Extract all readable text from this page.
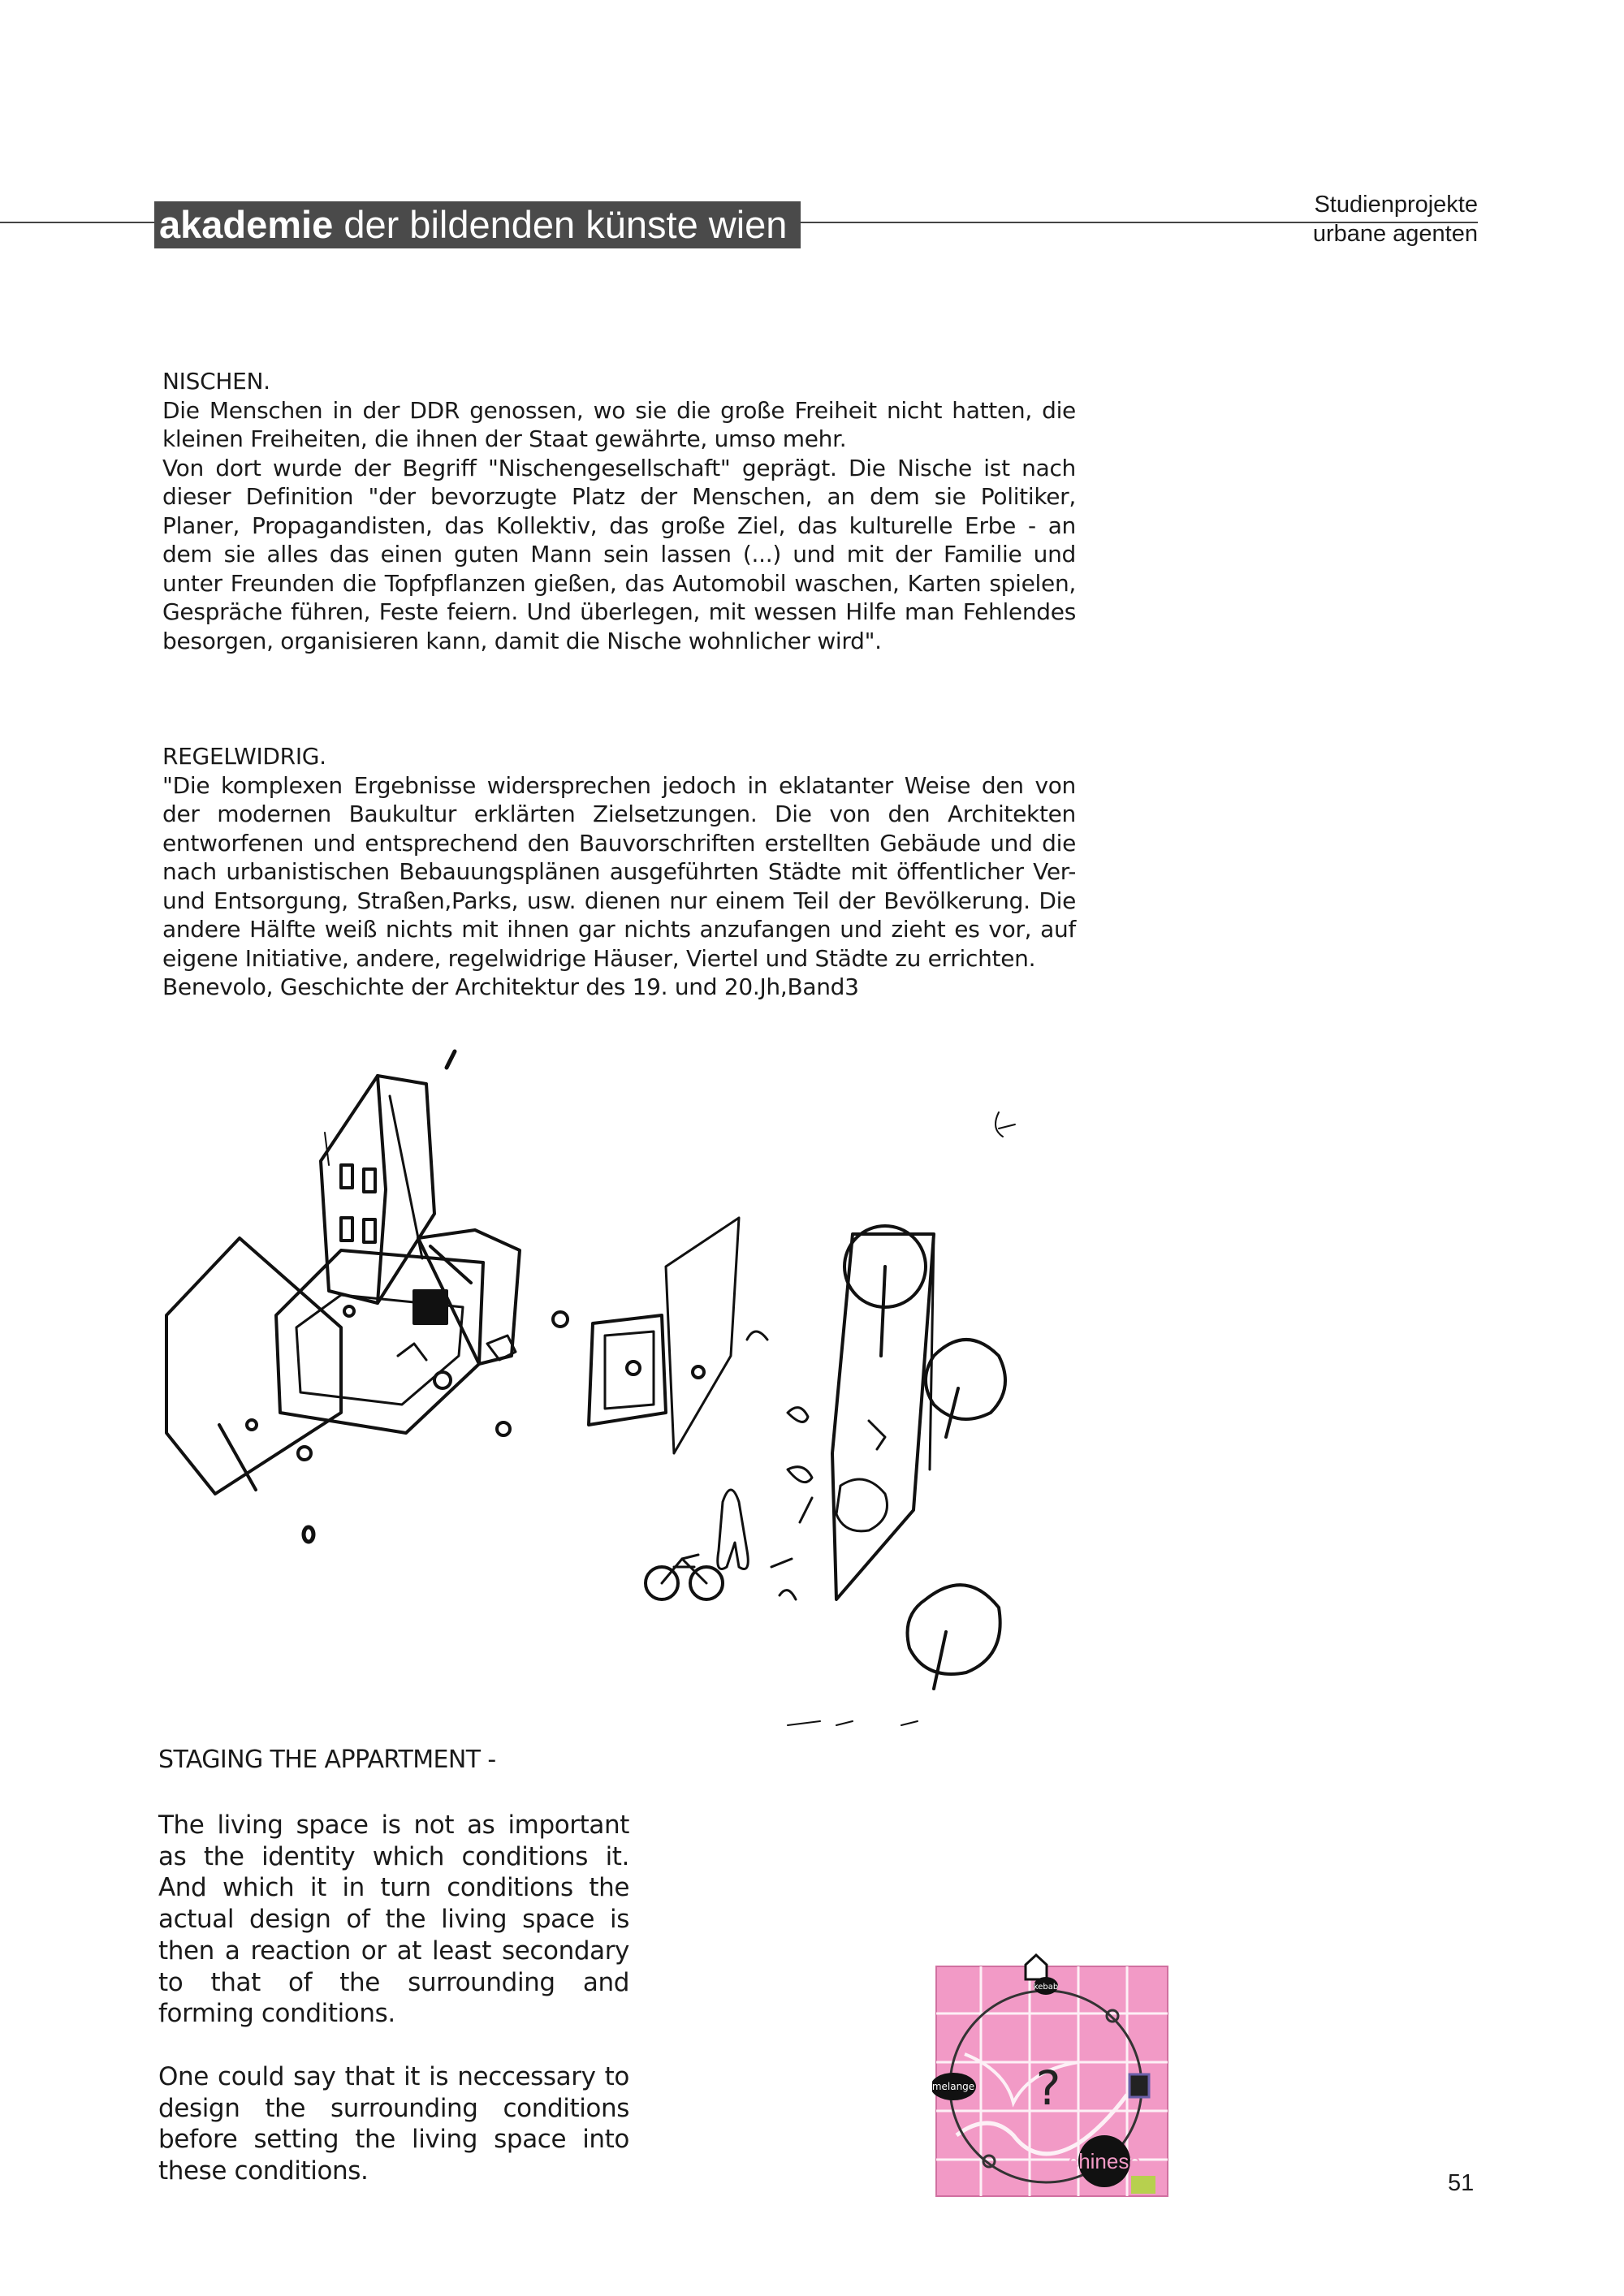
akademie der bildenden künste wien	Studienprojekte
urbane agenten

NISCHEN.

Die Menschen in der DDR genossen, wo sie die große Freiheit nicht hatten, die kleinen Freiheiten, die ihnen der Staat gewährte, umso mehr.

Von dort wurde der Begriff "Nischengesellschaft" geprägt. Die Nische ist nach dieser Definition "der bevorzugte Platz der Menschen, an dem sie Politiker, Planer, Propagandisten, das Kollektiv, das große Ziel, das kulturelle Erbe - an dem sie alles das einen guten Mann sein lassen (...) und mit der Familie und unter Freunden die Topfpflanzen gießen, das Automobil waschen, Karten spielen, Gespräche führen, Feste feiern. Und überlegen, mit wessen Hilfe man Fehlendes besorgen, organisieren kann, damit die Nische wohnlicher wird".

REGELWIDRIG.

"Die komplexen Ergebnisse widersprechen jedoch in eklatanter Weise den von der modernen Baukultur erklärten Zielsetzungen. Die von den Architekten entworfenen und entsprechend den Bauvorschriften erstellten Gebäude und die nach urbanistischen Bebauungsplänen ausgeführten Städte mit öffentlicher Ver- und Entsorgung, Straßen,Parks, usw. dienen nur einem Teil der Bevölkerung. Die andere Hälfte weiß nichts mit ihnen gar nichts anzufangen und zieht es vor, auf eigene Initiative, andere, regelwidrige Häuser, Viertel und Städte zu errichten.

Benevolo, Geschichte der Architektur des 19. und 20.Jh,Band3

STAGING THE APPARTMENT -
The living space is not as important as the identity which conditions it. And which it in turn conditions the actual design of the living space is then a reaction or at least secondary to that of the surrounding and forming conditions.
One could say that it is neccessary to design the surrounding conditions before setting the living space into these conditions.
kebab
melange ?
chinese
51
